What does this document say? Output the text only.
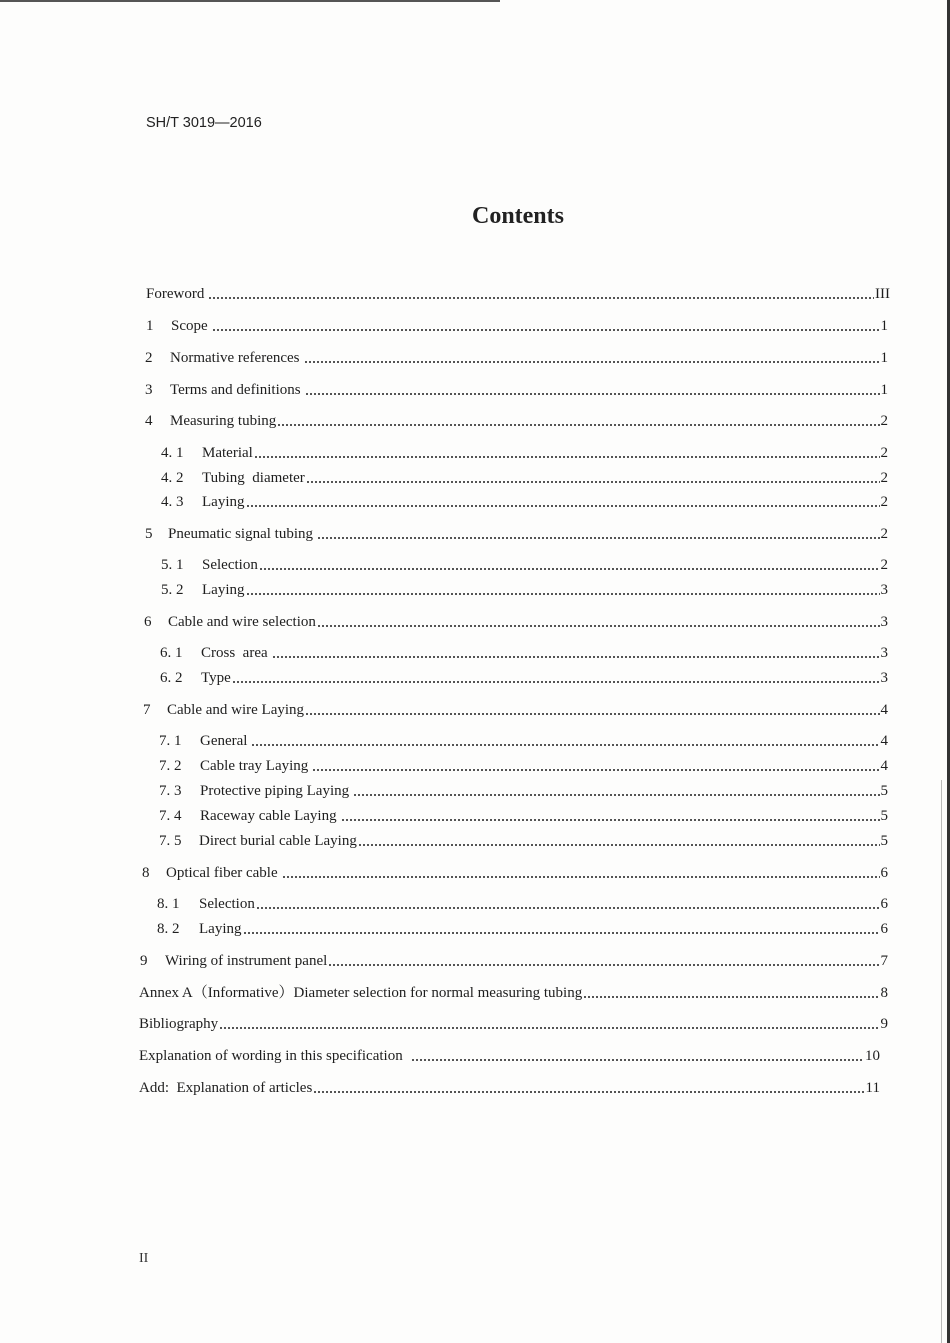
SH/T 3019—2016
Contents
Foreword	III
1	Scope	1
2	Normative references	1
3	Terms and definitions	1
4	Measuring tubing	2
4. 1	Material	2
4. 2	Tubing  diameter	2
4. 3	Laying	2
5	Pneumatic signal tubing	2
5. 1	Selection	2
5. 2	Laying	3
6	Cable and wire selection	3
6. 1	Cross  area	3
6. 2	Type	3
7	Cable and wire Laying	4
7. 1	General	4
7. 2	Cable tray Laying	4
7. 3	Protective piping Laying	5
7. 4	Raceway cable Laying	5
7. 5	Direct burial cable Laying	5
8	Optical fiber cable	6
8. 1	Selection	6
8. 2	Laying	6
9	Wiring of instrument panel	7
Annex A（Informative）Diameter selection for normal measuring tubing	8
Bibliography	9
Explanation of wording in this specification	10
Add:  Explanation of articles	11
II
